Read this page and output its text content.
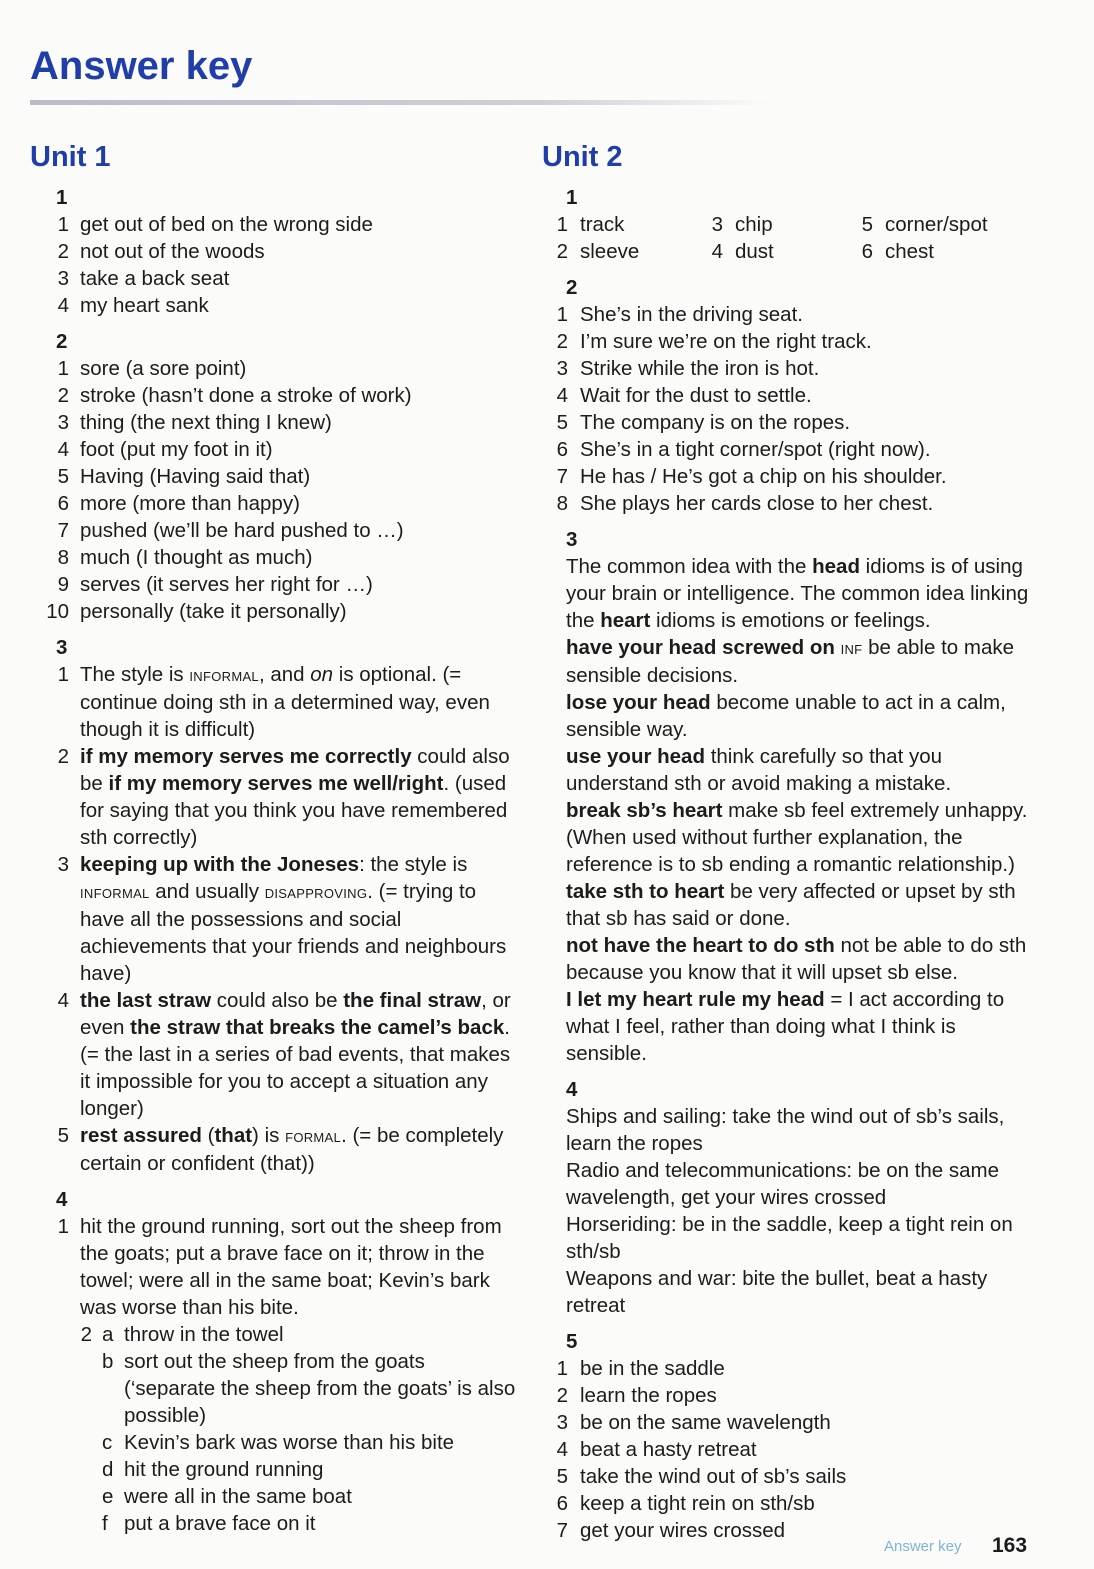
Answer key
Unit 1
1
1 get out of bed on the wrong side
2 not out of the woods
3 take a back seat
4 my heart sank
2
1 sore (a sore point)
2 stroke (hasn’t done a stroke of work)
3 thing (the next thing I knew)
4 foot (put my foot in it)
5 Having (Having said that)
6 more (more than happy)
7 pushed (we’ll be hard pushed to …)
8 much (I thought as much)
9 serves (it serves her right for …)
10 personally (take it personally)
3
1 The style is informal, and on is optional. (= continue doing sth in a determined way, even though it is difficult)
2 if my memory serves me correctly could also be if my memory serves me well/right. (used for saying that you think you have remembered sth correctly)
3 keeping up with the Joneses: the style is informal and usually disapproving. (= trying to have all the possessions and social achievements that your friends and neighbours have)
4 the last straw could also be the final straw, or even the straw that breaks the camel’s back. (= the last in a series of bad events, that makes it impossible for you to accept a situation any longer)
5 rest assured (that) is formal. (= be completely certain or confident (that))
4
1 hit the ground running, sort out the sheep from the goats; put a brave face on it; throw in the towel; were all in the same boat; Kevin’s bark was worse than his bite.
2 a throw in the towel
b sort out the sheep from the goats (‘separate the sheep from the goats’ is also possible)
c Kevin’s bark was worse than his bite
d hit the ground running
e were all in the same boat
f put a brave face on it
Unit 2
1
1 track	3 chip	5 corner/spot
2 sleeve	4 dust	6 chest
2
1 She’s in the driving seat.
2 I’m sure we’re on the right track.
3 Strike while the iron is hot.
4 Wait for the dust to settle.
5 The company is on the ropes.
6 She’s in a tight corner/spot (right now).
7 He has / He’s got a chip on his shoulder.
8 She plays her cards close to her chest.
3
The common idea with the head idioms is of using your brain or intelligence. The common idea linking the heart idioms is emotions or feelings.
have your head screwed on inf be able to make sensible decisions.
lose your head become unable to act in a calm, sensible way.
use your head think carefully so that you understand sth or avoid making a mistake.
break sb’s heart make sb feel extremely unhappy. (When used without further explanation, the reference is to sb ending a romantic relationship.)
take sth to heart be very affected or upset by sth that sb has said or done.
not have the heart to do sth not be able to do sth because you know that it will upset sb else.
I let my heart rule my head = I act according to what I feel, rather than doing what I think is sensible.
4
Ships and sailing: take the wind out of sb’s sails, learn the ropes
Radio and telecommunications: be on the same wavelength, get your wires crossed
Horseriding: be in the saddle, keep a tight rein on sth/sb
Weapons and war: bite the bullet, beat a hasty retreat
5
1 be in the saddle
2 learn the ropes
3 be on the same wavelength
4 beat a hasty retreat
5 take the wind out of sb’s sails
6 keep a tight rein on sth/sb
7 get your wires crossed
Answer key 163
